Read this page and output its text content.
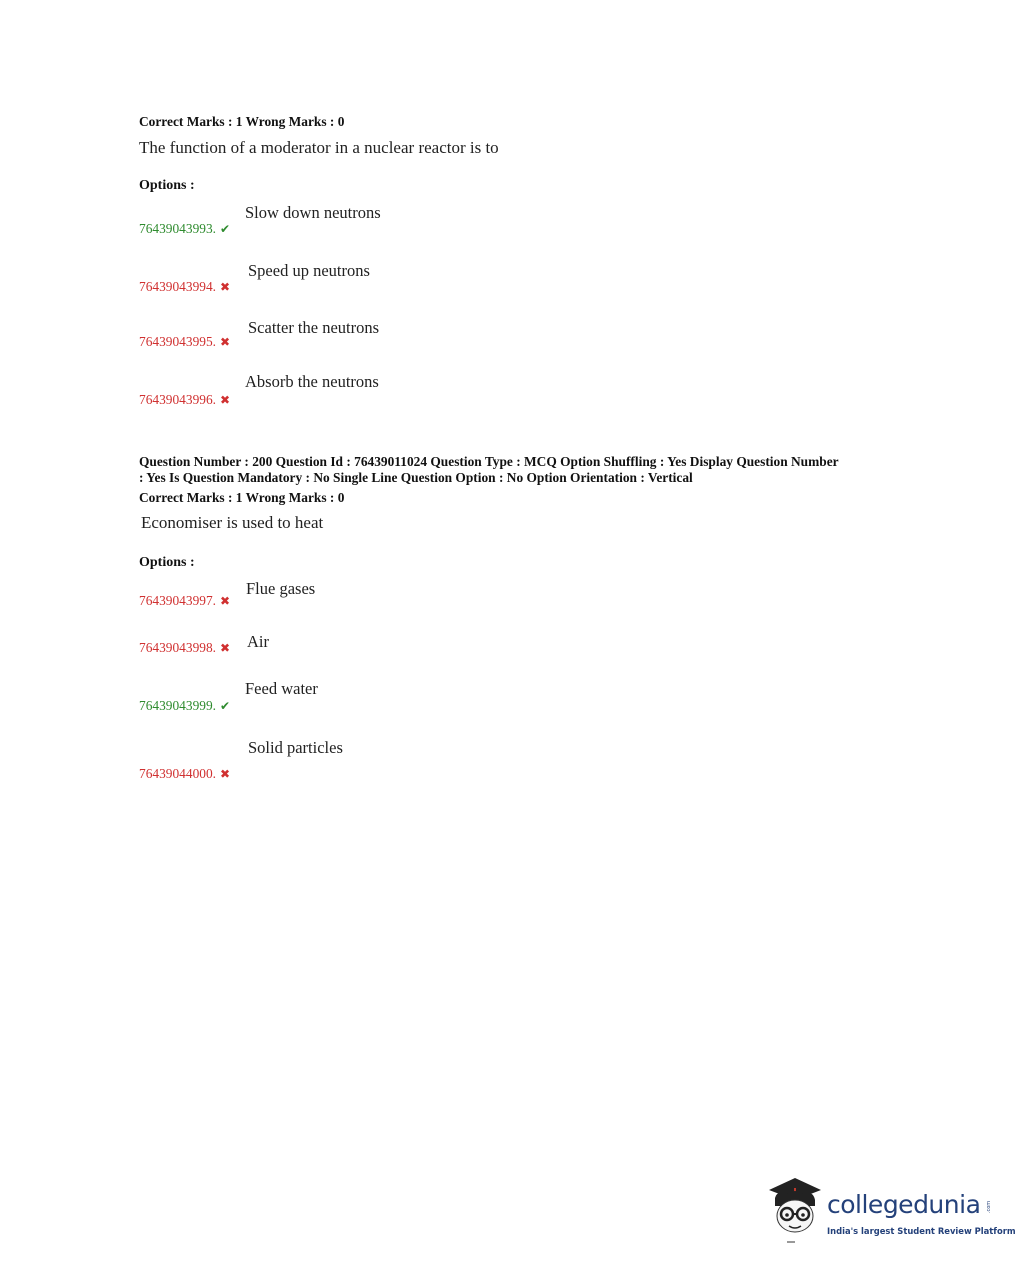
Correct Marks : 1 Wrong Marks : 0
The function of a moderator in a nuclear reactor is to
Options :
Slow down neutrons
76439043993. ✔
Speed up neutrons
76439043994. ✖
Scatter the neutrons
76439043995. ✖
Absorb the neutrons
76439043996. ✖
Question Number : 200 Question Id : 76439011024 Question Type : MCQ Option Shuffling : Yes Display Question Number
: Yes Is Question Mandatory : No Single Line Question Option : No Option Orientation : Vertical
Correct Marks : 1 Wrong Marks : 0
Economiser is used to heat
Options :
Flue gases
76439043997. ✖
Air
76439043998. ✖
Feed water
76439043999. ✔
Solid particles
76439044000. ✖
collegedunia .com
India's largest Student Review Platform
